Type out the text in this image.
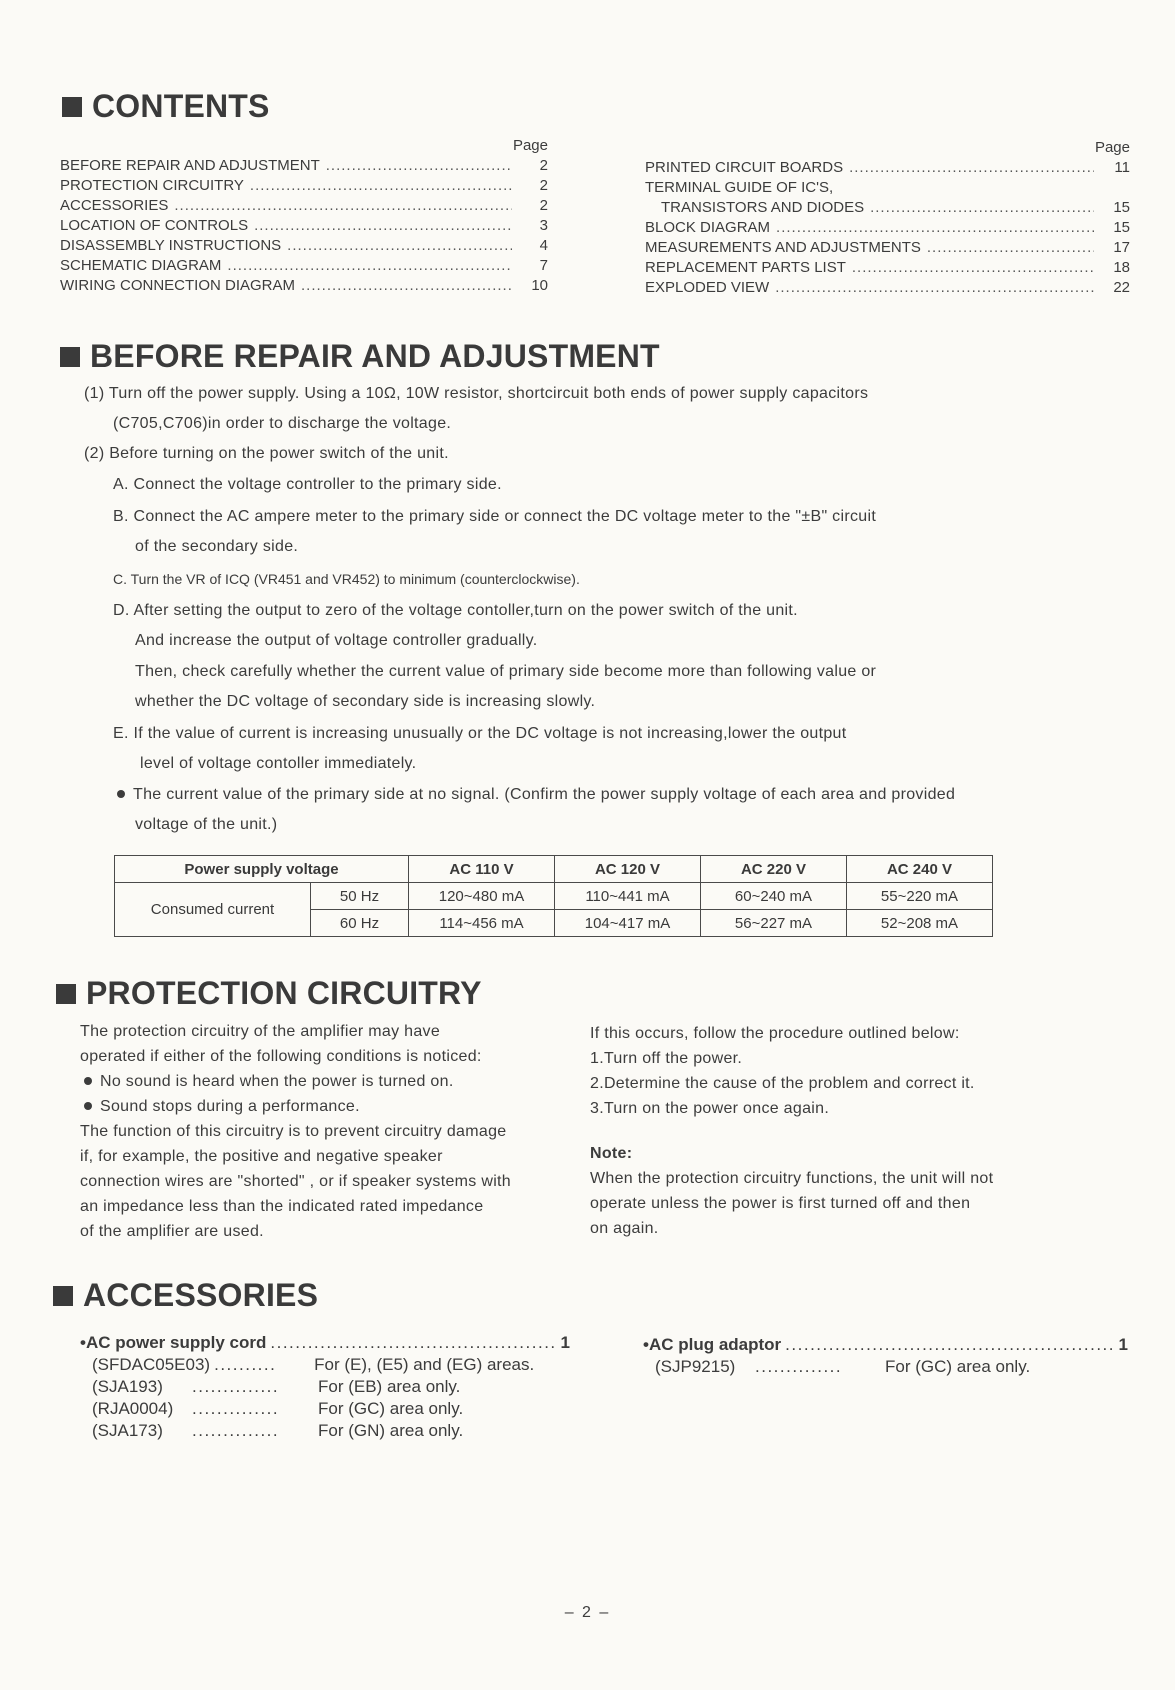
CONTENTS
Page
BEFORE REPAIR AND ADJUSTMENT .....	2
PROTECTION CIRCUITRY .....	2
ACCESSORIES .....	2
LOCATION OF CONTROLS .....	3
DISASSEMBLY INSTRUCTIONS .....	4
SCHEMATIC DIAGRAM .....	7
WIRING CONNECTION DIAGRAM .....	10
Page
PRINTED CIRCUIT BOARDS .....	11
TERMINAL GUIDE OF IC'S,
TRANSISTORS AND DIODES .....	15
BLOCK DIAGRAM .....	15
MEASUREMENTS AND ADJUSTMENTS .....	17
REPLACEMENT PARTS LIST .....	18
EXPLODED VIEW .....	22
BEFORE REPAIR AND ADJUSTMENT
(1) Turn off the power supply. Using a 10Ω, 10W resistor, shortcircuit both ends of power supply capacitors
(C705,C706)in order to discharge the voltage.
(2) Before turning on the power switch of the unit.
A. Connect the voltage controller to the primary side.
B. Connect the AC ampere meter to the primary side or connect the DC voltage meter to the "±B" circuit
of the secondary side.
C. Turn the VR of ICQ (VR451 and VR452) to minimum (counterclockwise).
D. After setting the output to zero of the voltage contoller,turn on the power switch of the unit.
And increase the output of voltage controller gradually.
Then, check carefully whether the current value of primary side become more than following value or
whether the DC voltage of secondary side is increasing slowly.
E. If the value of current is increasing unusually or the DC voltage is not increasing,lower the output
level of voltage contoller immediately.
The current value of the primary side at no signal. (Confirm the power supply voltage of each area and provided
voltage of the unit.)
Power supply voltage		AC 110 V	AC 120 V	AC 220 V	AC 240 V
Consumed current	50 Hz	120~480 mA	110~441 mA	60~240 mA	55~220 mA
	60 Hz	114~456 mA	104~417 mA	56~227 mA	52~208 mA
PROTECTION CIRCUITRY
The protection circuitry of the amplifier may have
operated if either of the following conditions is noticed:
No sound is heard when the power is turned on.
Sound stops during a performance.
The function of this circuitry is to prevent circuitry damage
if, for example, the positive and negative speaker
connection wires are "shorted" , or if speaker systems with
an impedance less than the indicated rated impedance
of the amplifier are used.
If this occurs, follow the procedure outlined below:
1.Turn off the power.
2.Determine the cause of the problem and correct it.
3.Turn on the power once again.
Note:
When the protection circuitry functions, the unit will not
operate unless the power is first turned off and then
on again.
ACCESSORIES
•AC power supply cord .....	1
(SFDAC05E03) ..........	For (E), (E5) and (EG) areas.
(SJA193)	..............	For (EB) area only.
(RJA0004)	..............	For (GC) area only.
(SJA173)	..............	For (GN) area only.
•AC plug adaptor .....	1
(SJP9215)	..............	For (GC) area only.
– 2 –
